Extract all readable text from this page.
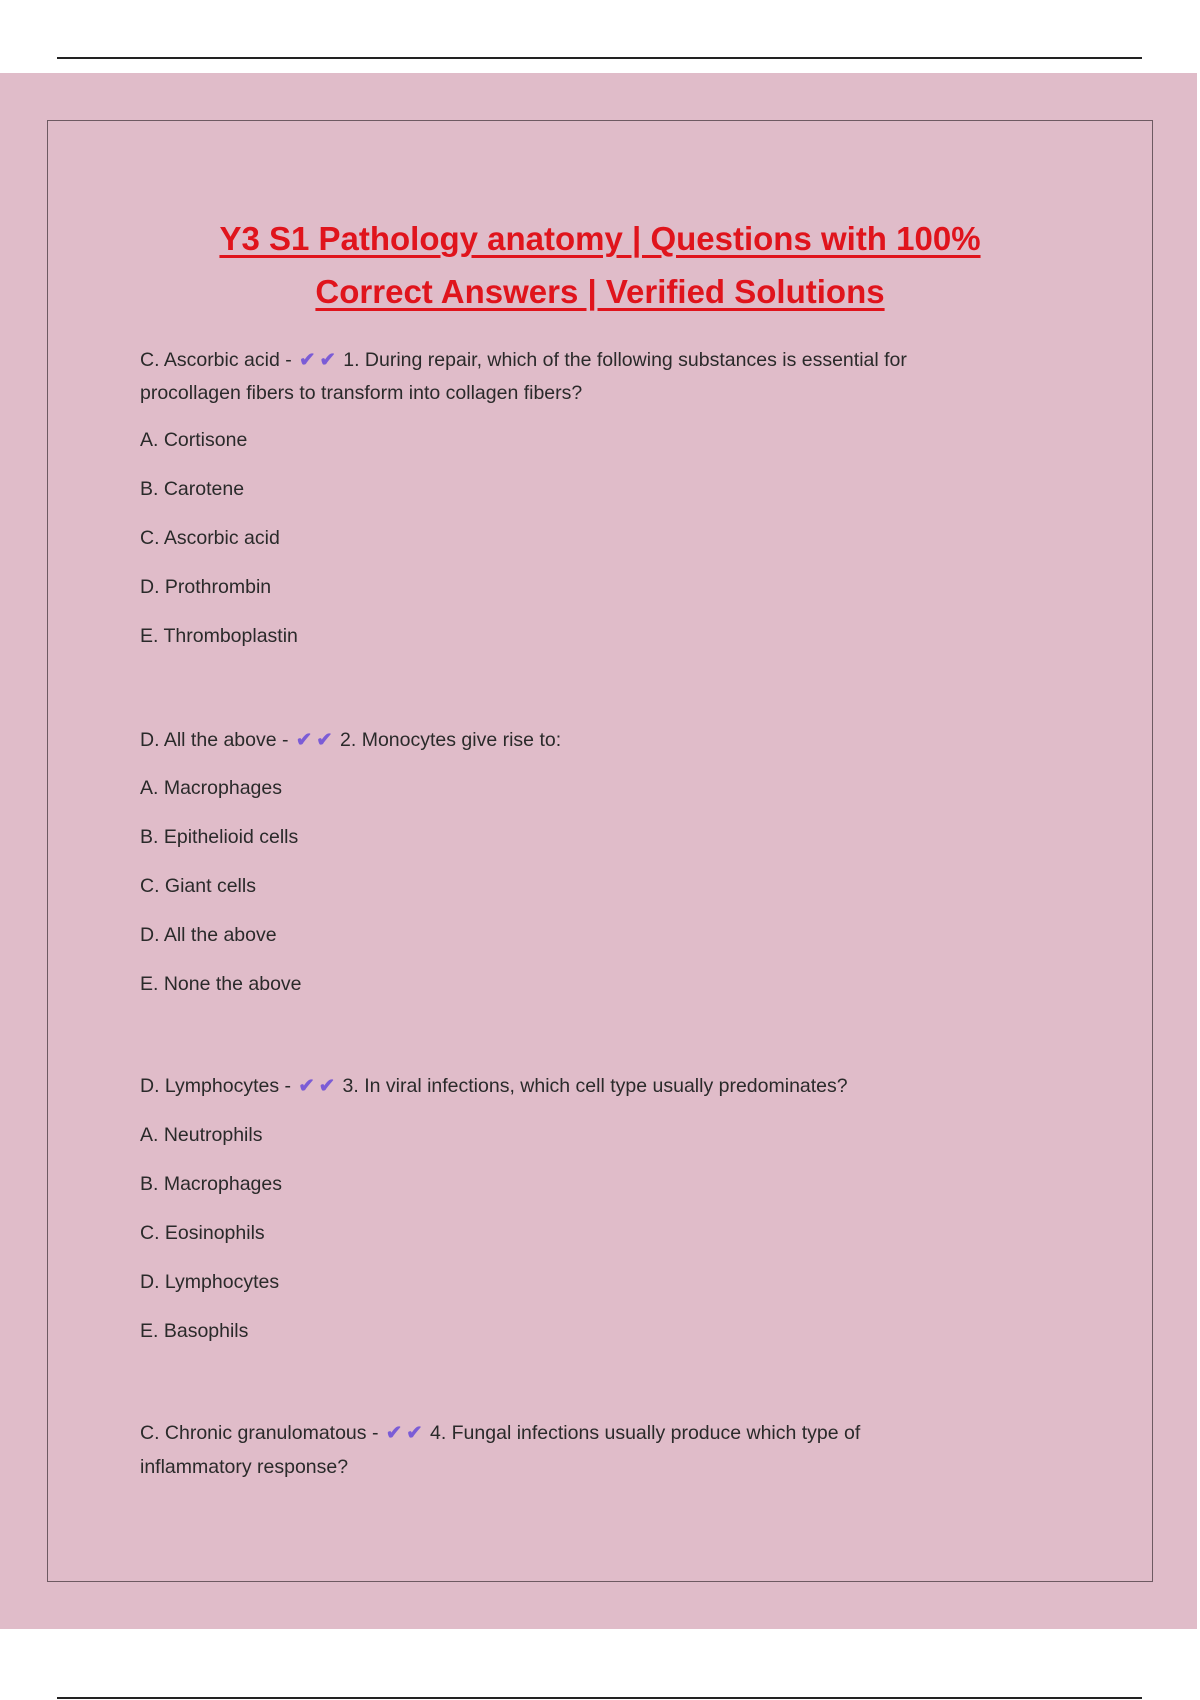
Y3 S1 Pathology anatomy | Questions with 100%
Correct Answers | Verified Solutions
C. Ascorbic acid - ✔ ✔ 1. During repair, which of the following substances is essential for
procollagen fibers to transform into collagen fibers?
A. Cortisone
B. Carotene
C. Ascorbic acid
D. Prothrombin
E. Thromboplastin
D. All the above - ✔ ✔ 2. Monocytes give rise to:
A. Macrophages
B. Epithelioid cells
C. Giant cells
D. All the above
E. None the above
D. Lymphocytes - ✔ ✔ 3. In viral infections, which cell type usually predominates?
A. Neutrophils
B. Macrophages
C. Eosinophils
D. Lymphocytes
E. Basophils
C. Chronic granulomatous - ✔ ✔ 4. Fungal infections usually produce which type of
inflammatory response?
